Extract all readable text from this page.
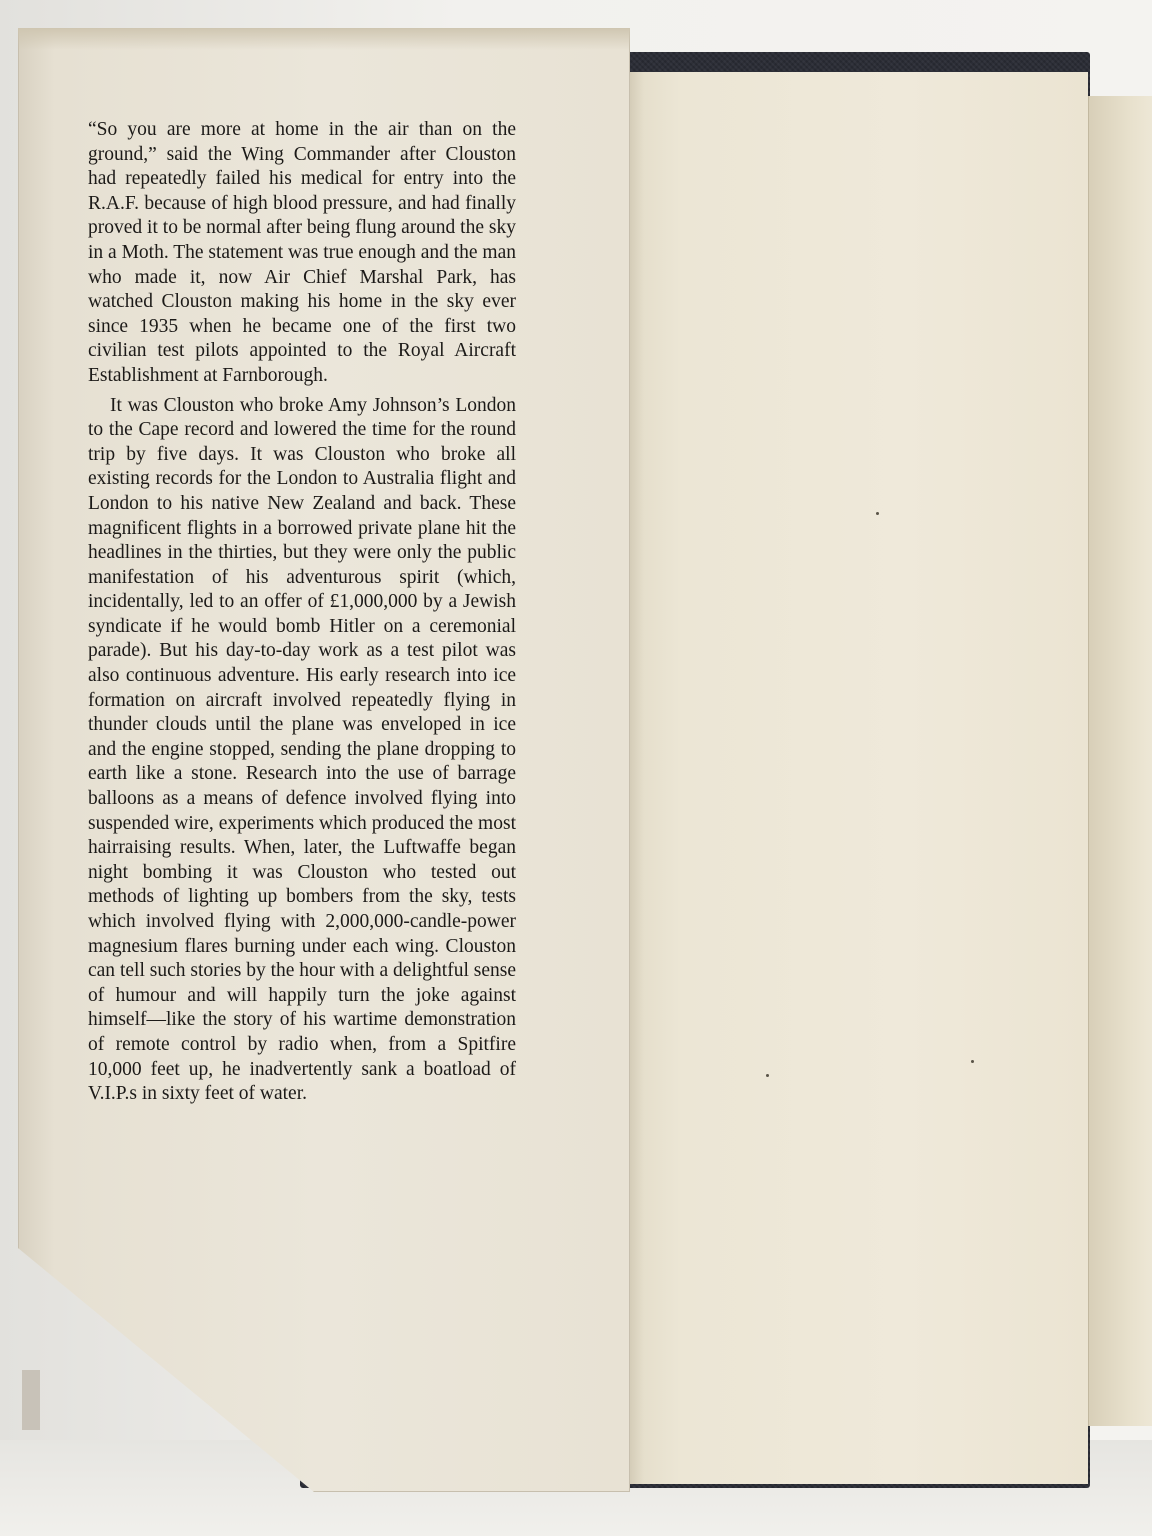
“So you are more at home in the air than on the ground,” said the Wing Commander after Clouston had repeatedly failed his medical for entry into the R.A.F. because of high blood pressure, and had finally proved it to be normal after being flung around the sky in a Moth. The statement was true enough and the man who made it, now Air Chief Marshal Park, has watched Clouston making his home in the sky ever since 1935 when he became one of the first two civilian test pilots appointed to the Royal Aircraft Establishment at Farnborough.

It was Clouston who broke Amy Johnson’s London to the Cape record and lowered the time for the round trip by five days. It was Clouston who broke all existing records for the London to Australia flight and London to his native New Zealand and back. These magnificent flights in a borrowed private plane hit the headlines in the thirties, but they were only the public manifestation of his adventurous spirit (which, incidentally, led to an offer of £1,000,000 by a Jewish syndicate if he would bomb Hitler on a ceremonial parade). But his day-to-day work as a test pilot was also continuous adventure. His early research into ice formation on aircraft involved repeatedly flying in thunder clouds until the plane was enveloped in ice and the engine stopped, sending the plane dropping to earth like a stone. Research into the use of barrage balloons as a means of defence involved flying into suspended wire, experiments which produced the most hairraising results. When, later, the Luftwaffe began night bombing it was Clouston who tested out methods of lighting up bombers from the sky, tests which involved flying with 2,000,000-candle-power magnesium flares burning under each wing. Clouston can tell such stories by the hour with a delightful sense of humour and will happily turn the joke against himself—like the story of his wartime demonstration of remote control by radio when, from a Spitfire 10,000 feet up, he inadvertently sank a boatload of V.I.P.s in sixty feet of water.
